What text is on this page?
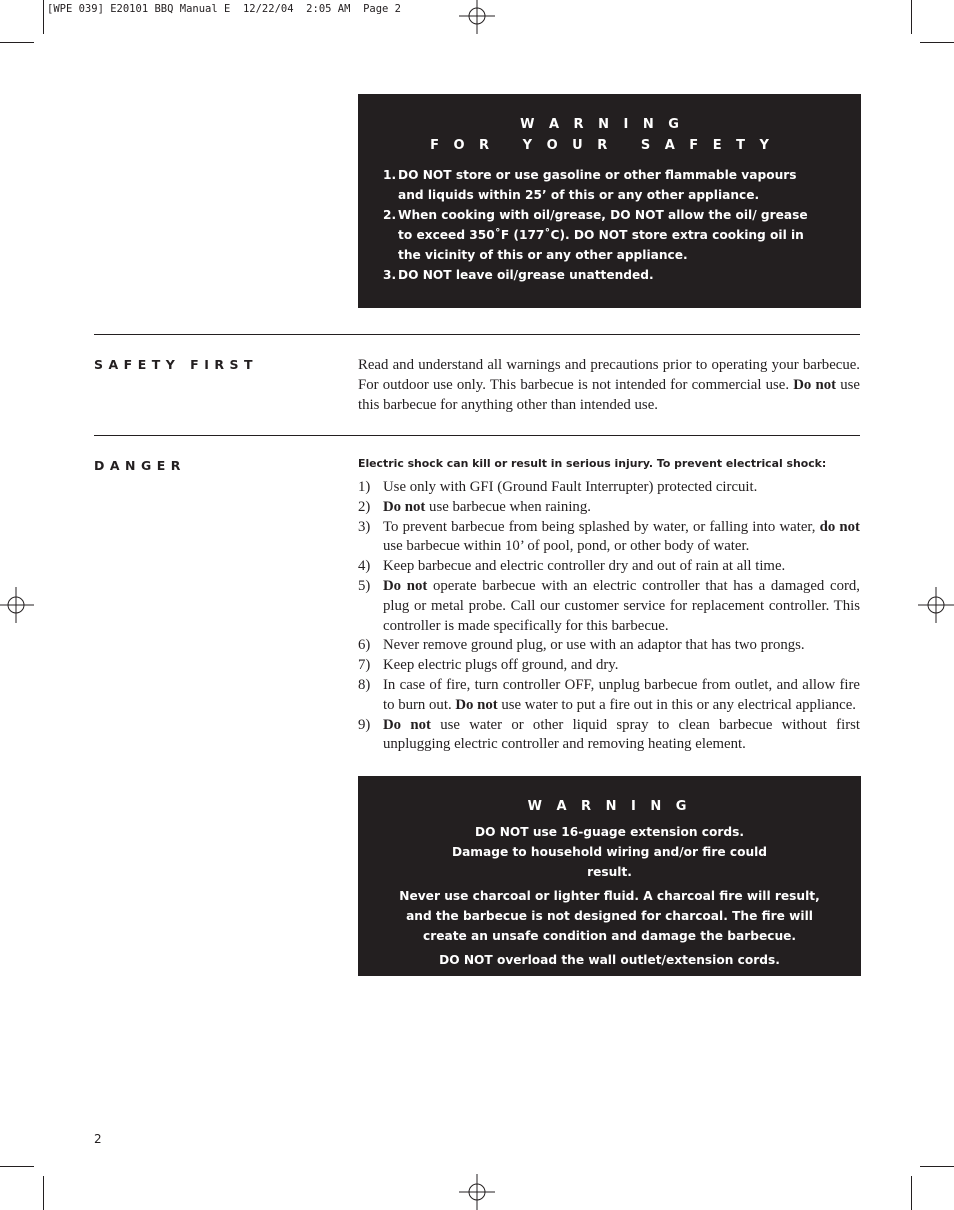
[WPE 039] E20101 BBQ Manual E  12/22/04  2:05 AM  Page 2
W A R N I N G
F O R   Y O U R   S A F E T Y
1. DO NOT store or use gasoline or other flammable vapours and liquids within 25’ of this or any other appliance.
2. When cooking with oil/grease, DO NOT allow the oil/ grease to exceed 350˚F (177˚C). DO NOT store extra cooking oil in the vicinity of this or any other appliance.
3. DO NOT leave oil/grease unattended.
SAFETY FIRST	Read and understand all warnings and precautions prior to operating your barbecue. For outdoor use only. This barbecue is not intended for commercial use. Do not use this barbecue for anything other than intended use.
DANGER	Electric shock can kill or result in serious injury. To prevent electrical shock:
1) Use only with GFI (Ground Fault Interrupter) protected circuit.
2) Do not use barbecue when raining.
3) To prevent barbecue from being splashed by water, or falling into water, do not use barbecue within 10’ of pool, pond, or other body of water.
4) Keep barbecue and electric controller dry and out of rain at all time.
5) Do not operate barbecue with an electric controller that has a damaged cord, plug or metal probe. Call our customer service for replacement controller. This controller is made specifically for this barbecue.
6) Never remove ground plug, or use with an adaptor that has two prongs.
7) Keep electric plugs off ground, and dry.
8) In case of fire, turn controller OFF, unplug barbecue from outlet, and allow fire to burn out. Do not use water to put a fire out in this or any electrical appliance.
9) Do not use water or other liquid spray to clean barbecue without first unplugging electric controller and removing heating element.
W A R N I N G

DO NOT use 16-guage extension cords. Damage to household wiring and/or fire could result.

Never use charcoal or lighter fluid. A charcoal fire will result, and the barbecue is not designed for charcoal. The fire will create an unsafe condition and damage the barbecue.

DO NOT overload the wall outlet/extension cords.

2
